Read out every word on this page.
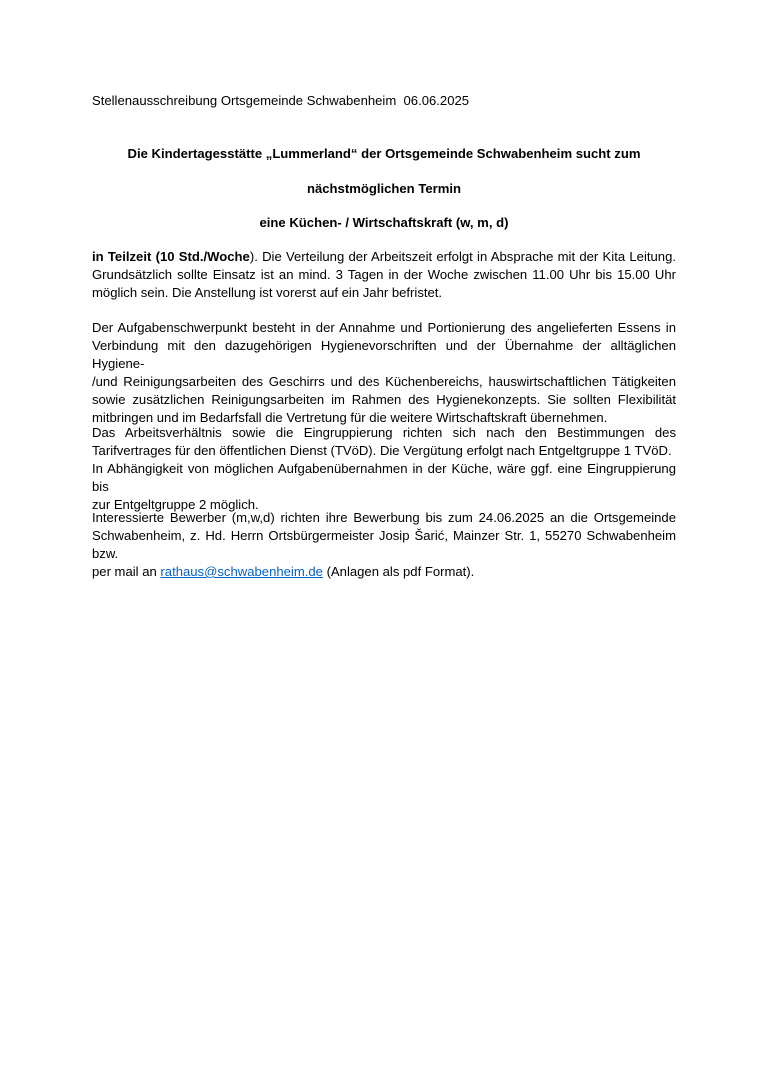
Stellenausschreibung Ortsgemeinde Schwabenheim  06.06.2025
Die Kindertagesstätte „Lummerland“ der Ortsgemeinde Schwabenheim sucht zum
nächstmöglichen Termin
eine Küchen- / Wirtschaftskraft (w, m, d)
in Teilzeit (10 Std./Woche). Die Verteilung der Arbeitszeit erfolgt in Absprache mit der Kita Leitung.
Grundsätzlich sollte Einsatz ist an mind. 3 Tagen in der Woche zwischen 11.00 Uhr bis 15.00 Uhr
möglich sein. Die Anstellung ist vorerst auf ein Jahr befristet.
Der Aufgabenschwerpunkt besteht in der Annahme und Portionierung des angelieferten Essens in
Verbindung mit den dazugehörigen Hygienevorschriften und der Übernahme der alltäglichen Hygiene-
/und Reinigungsarbeiten des Geschirrs und des Küchenbereichs, hauswirtschaftlichen Tätigkeiten
sowie zusätzlichen Reinigungsarbeiten im Rahmen des Hygienekonzepts. Sie sollten Flexibilität
mitbringen und im Bedarfsfall die Vertretung für die weitere Wirtschaftskraft übernehmen.
Das Arbeitsverhältnis sowie die Eingruppierung richten sich nach den Bestimmungen des
Tarifvertrages für den öffentlichen Dienst (TVöD). Die Vergütung erfolgt nach Entgeltgruppe 1 TVöD.
In Abhängigkeit von möglichen Aufgabenübernahmen in der Küche, wäre ggf. eine Eingruppierung bis
zur Entgeltgruppe 2 möglich.
Interessierte Bewerber (m,w,d) richten ihre Bewerbung bis zum 24.06.2025 an die Ortsgemeinde
Schwabenheim, z. Hd. Herrn Ortsbürgermeister Josip Šarić, Mainzer Str. 1, 55270 Schwabenheim bzw.
per mail an rathaus@schwabenheim.de (Anlagen als pdf Format).
